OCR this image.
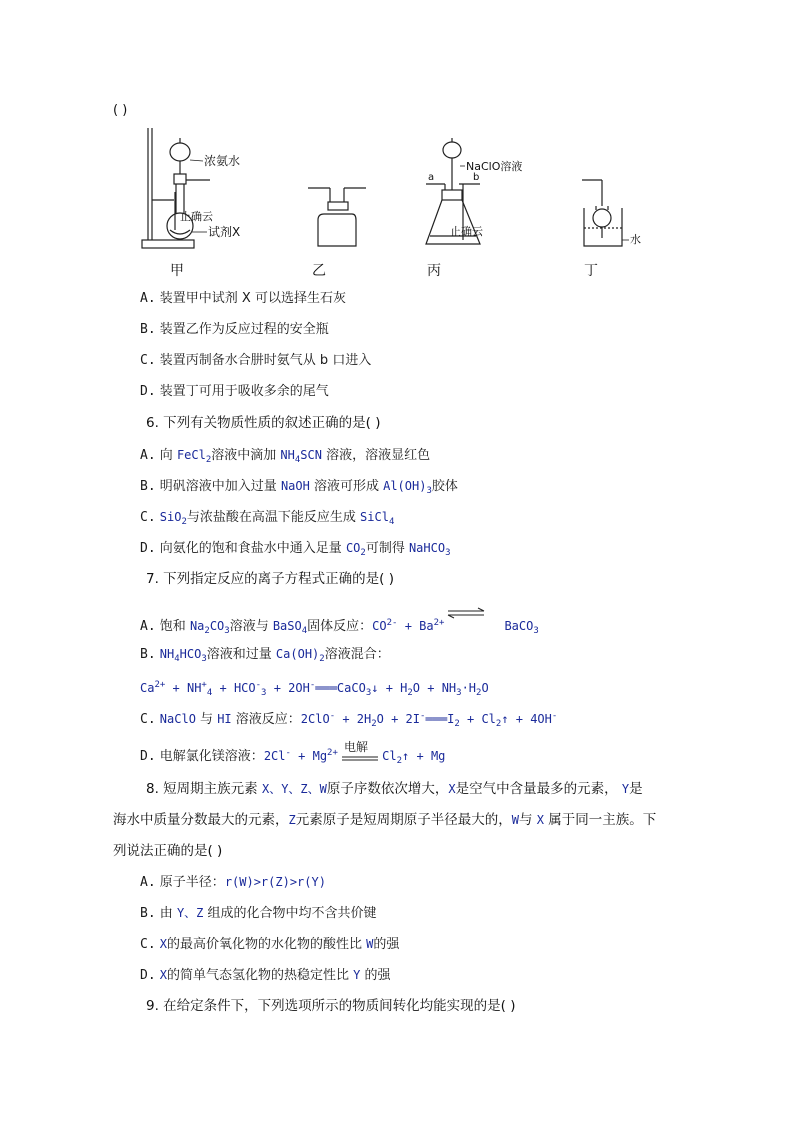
( )
浓氨水
止确云
试剂X
NaClO溶液
a	b
止确云
水
甲	乙	丙	丁
A. 装置甲中试剂 X 可以选择生石灰
B. 装置乙作为反应过程的安全瓶
C. 装置丙制备水合肼时氨气从 b 口进入
D. 装置丁可用于吸收多余的尾气
6. 下列有关物质性质的叙述正确的是( )
A. 向 FeCl$_2$溶液中滴加 $NH_4SCN$ 溶液，溶液显红色
B. 明矾溶液中加入过量 NaOH 溶液可形成 $Al(OH)_3$胶体
C. SiO$_2$与浓盐酸在高温下能反应生成 SiCl$_4$
D. 向氨化的饱和食盐水中通入足量 $CO_2$可制得 NaHCO$_3$
7. 下列指定反应的离子方程式正确的是( )
A. 饱和 $Na_2CO_3$溶液与 BaSO$_4$固体反应：$CO^{2-} + Ba^{2+}$	BaCO$_3$
B. $NH_4HCO_3$溶液和过量 $Ca(OH)_2$溶液混合：
$Ca^{2+} + NH^+_4 + HCO^-_3$ + 2OH-═══CaCO$_3$↓ + $H_2O + NH_3\cdot H_2O$
C. NaClO 与 HI 溶液反应：$2ClO^- + 2H_2O$ + $2I^-═══I_2$ + $Cl_2↑ + 4OH^-$
D. 电解氯化镁溶液：$2Cl^- + Mg^{2+}$ 电解
$Cl_2↑ + Mg$
8. 短周期主族元素 X、Y、Z、W原子序数依次增大，X是空气中含量最多的元素， Y是
海水中质量分数最大的元素，Z元素原子是短周期原子半径最大的，W与 X 属于同一主族。下
列说法正确的是( )
A. 原子半径：r(W)>r(Z)>r(Y)
B. 由 Y、Z 组成的化合物中均不含共价键
C. X的最高价氧化物的水化物的酸性比 W的强
D. X的简单气态氢化物的热稳定性比 Y 的强
9. 在给定条件下，下列选项所示的物质间转化均能实现的是( )
